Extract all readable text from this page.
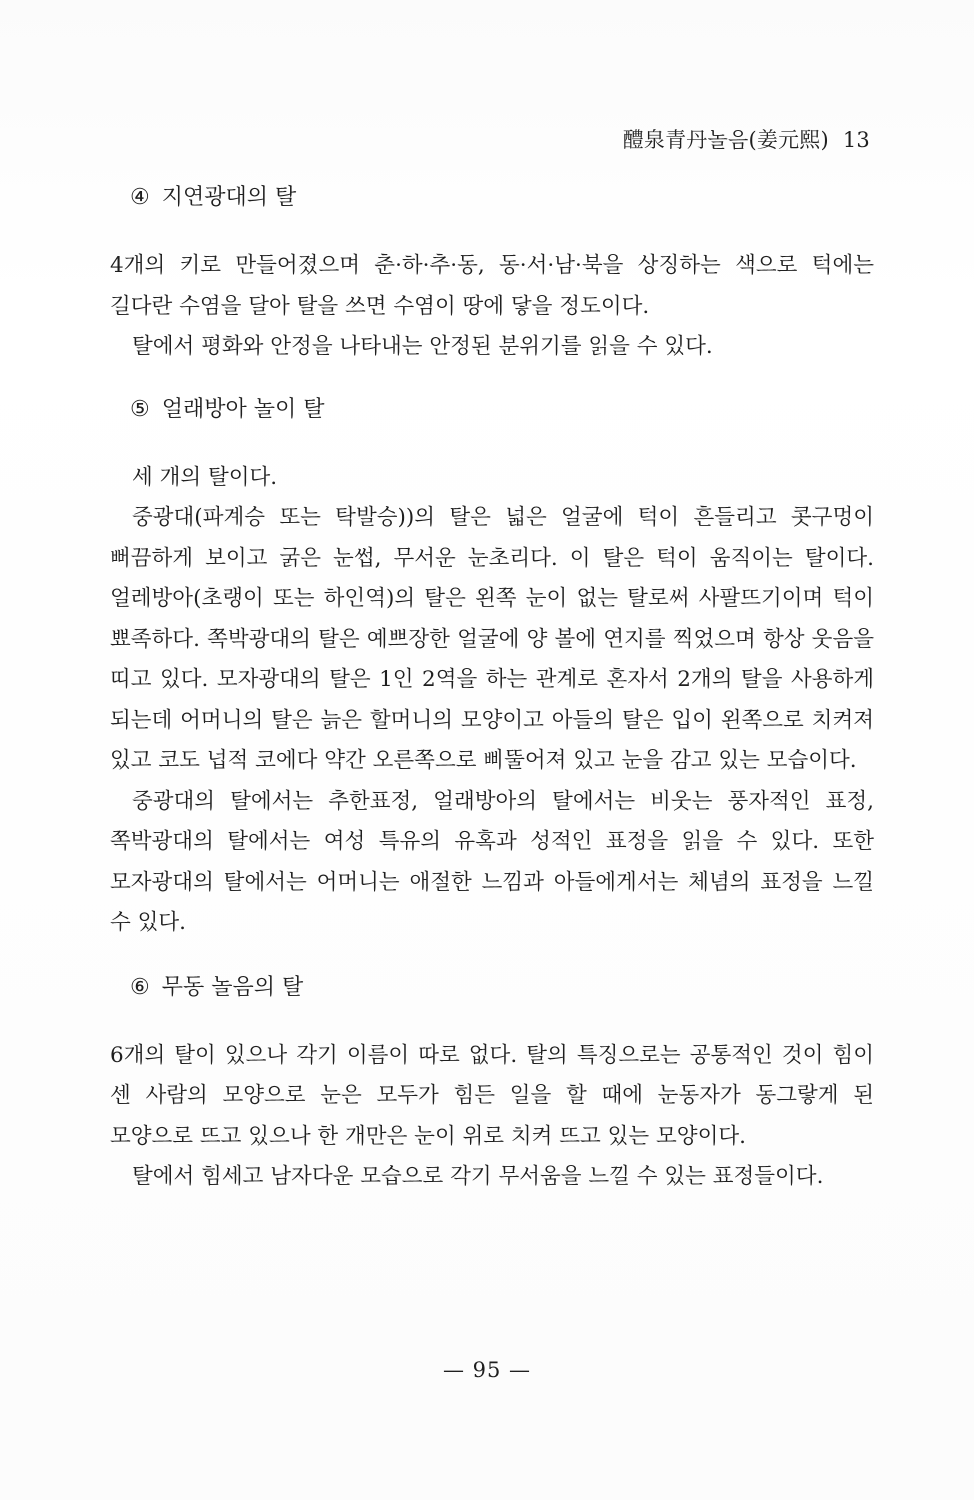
醴泉青丹놀음(姜元熙) 13
④ 지연광대의 탈

4개의 키로 만들어졌으며 춘·하·추·동, 동·서·남·북을 상징하는 색으로 턱에는 길다란 수염을 달아 탈을 쓰면 수염이 땅에 닿을 정도이다.

탈에서 평화와 안정을 나타내는 안정된 분위기를 읽을 수 있다.

⑤ 얼래방아 놀이 탈

세 개의 탈이다.

중광대(파계승 또는 탁발승))의 탈은 넓은 얼굴에 턱이 흔들리고 콧구멍이 뻐끔하게 보이고 굵은 눈썹, 무서운 눈초리다. 이 탈은 턱이 움직이는 탈이다. 얼레방아(초랭이 또는 하인역)의 탈은 왼쪽 눈이 없는 탈로써 사팔뜨기이며 턱이 뾰족하다. 쪽박광대의 탈은 예쁘장한 얼굴에 양 볼에 연지를 찍었으며 항상 웃음을 띠고 있다. 모자광대의 탈은 1인 2역을 하는 관계로 혼자서 2개의 탈을 사용하게 되는데 어머니의 탈은 늙은 할머니의 모양이고 아들의 탈은 입이 왼쪽으로 치켜져 있고 코도 넙적 코에다 약간 오른쪽으로 삐뚤어져 있고 눈을 감고 있는 모습이다.

중광대의 탈에서는 추한표정, 얼래방아의 탈에서는 비웃는 풍자적인 표정, 쪽박광대의 탈에서는 여성 특유의 유혹과 성적인 표정을 읽을 수 있다. 또한 모자광대의 탈에서는 어머니는 애절한 느낌과 아들에게서는 체념의 표정을 느낄 수 있다.

⑥ 무동 놀음의 탈

6개의 탈이 있으나 각기 이름이 따로 없다. 탈의 특징으로는 공통적인 것이 힘이 센 사람의 모양으로 눈은 모두가 힘든 일을 할 때에 눈동자가 동그랗게 된 모양으로 뜨고 있으나 한 개만은 눈이 위로 치켜 뜨고 있는 모양이다.

탈에서 힘세고 남자다운 모습으로 각기 무서움을 느낄 수 있는 표정들이다.

— 95 —
